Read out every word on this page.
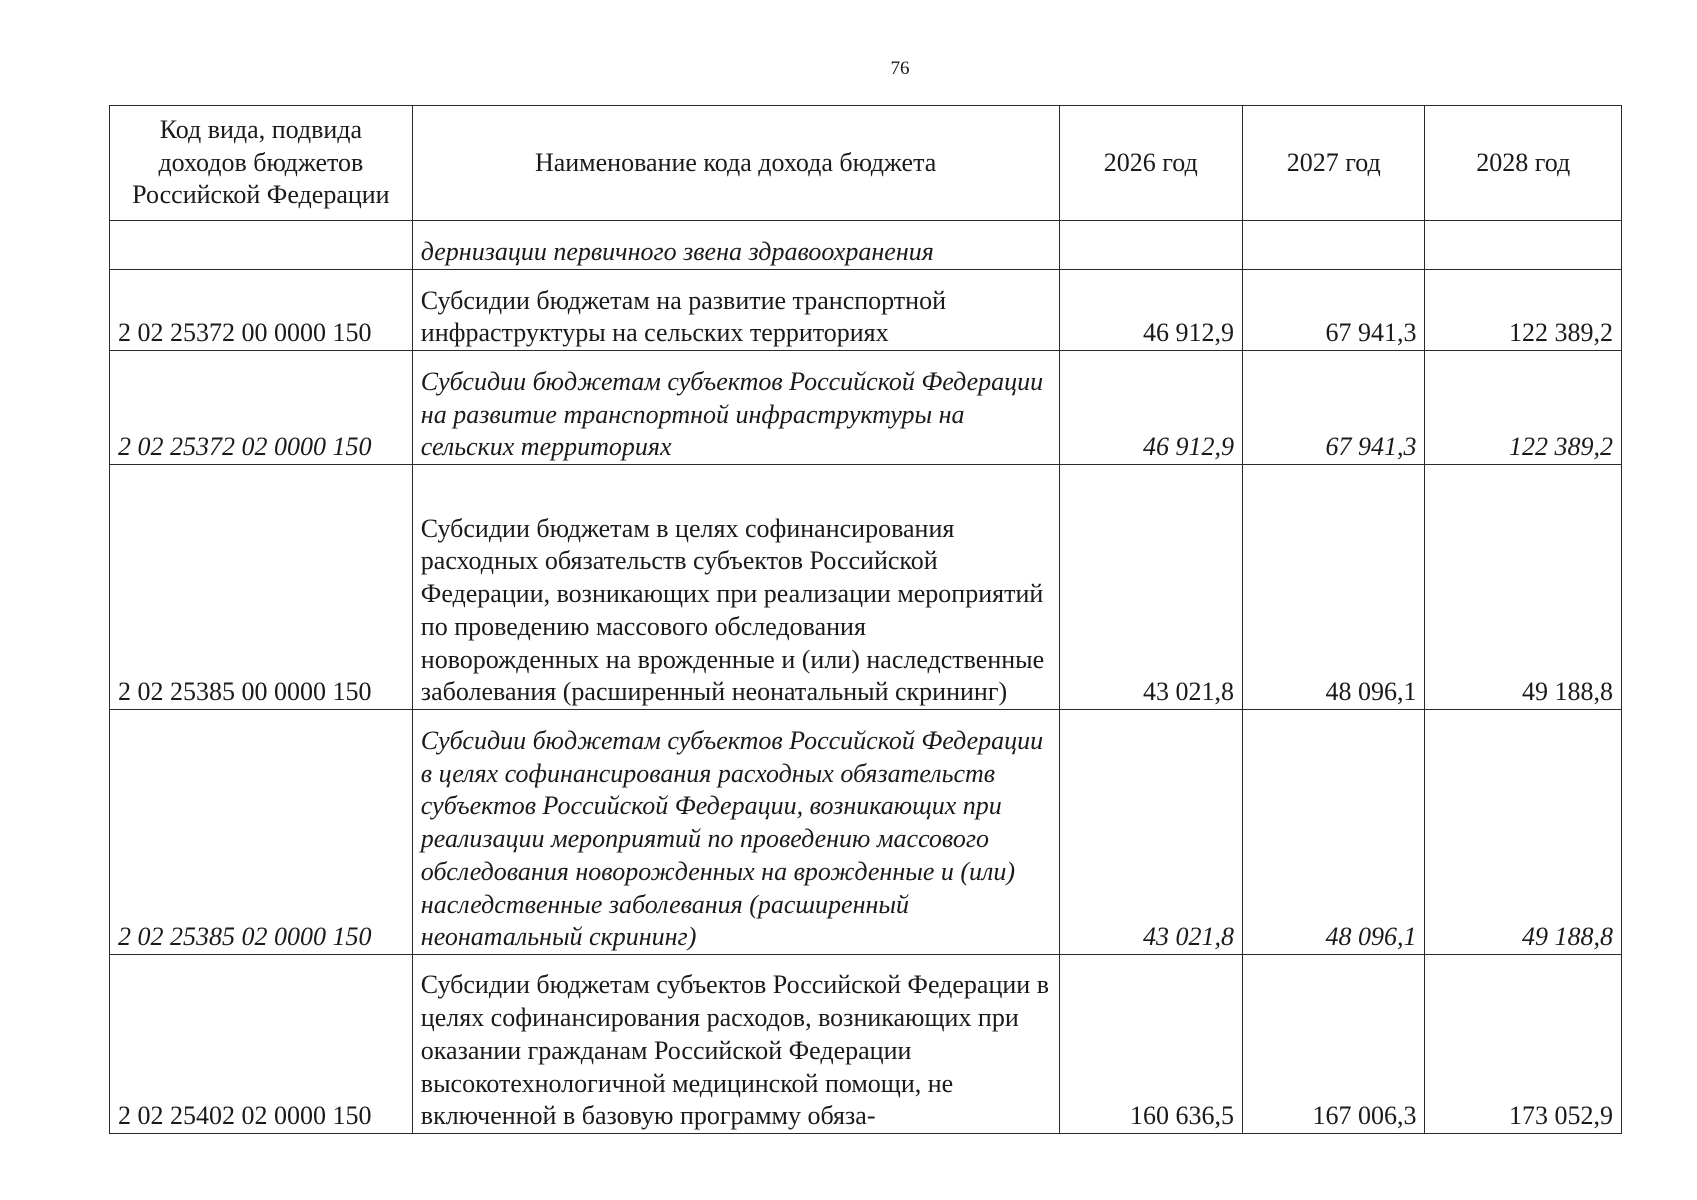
76
Код вида, подвида доходов бюджетов Российской Федерации	Наименование кода дохода бюджета	2026 год	2027 год	2028 год
	дернизации первичного звена здравоохранения			
2 02 25372 00 0000 150	Субсидии бюджетам на развитие транспортной инфраструктуры на сельских территориях	46 912,9	67 941,3	122 389,2
2 02 25372 02 0000 150	Субсидии бюджетам субъектов Российской Федерации на развитие транспортной инфраструктуры на сельских территориях	46 912,9	67 941,3	122 389,2
2 02 25385 00 0000 150	Субсидии бюджетам в целях софинансирования расходных обязательств субъектов Российской Федерации, возникающих при реализации мероприятий по проведению массового обследования новорожденных на врожденные и (или) наследственные заболевания (расширенный неонатальный скрининг)	43 021,8	48 096,1	49 188,8
2 02 25385 02 0000 150	Субсидии бюджетам субъектов Российской Федерации в целях софинансирования расходных обязательств субъектов Российской Федерации, возникающих при реализации мероприятий по проведению массового обследования новорожденных на врожденные и (или) наследственные заболевания (расширенный неонатальный скрининг)	43 021,8	48 096,1	49 188,8
2 02 25402 02 0000 150	Субсидии бюджетам субъектов Российской Федерации в целях софинансирования расходов, возникающих при оказании гражданам Российской Федерации высокотехнологичной медицинской помощи, не включенной в базовую программу обяза-	160 636,5	167 006,3	173 052,9
